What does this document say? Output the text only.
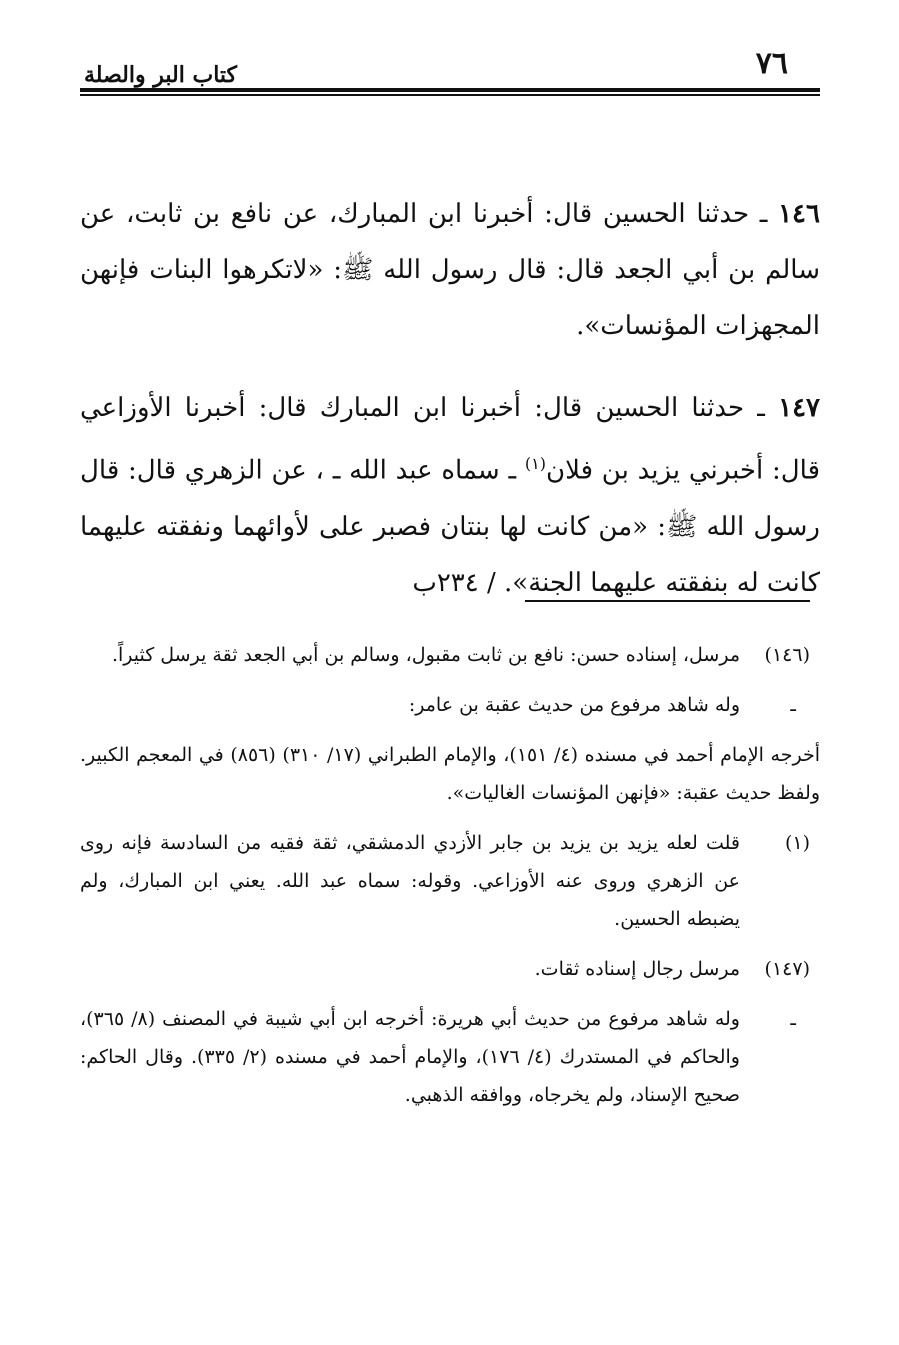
٧٦
كتاب البر والصلة

١٤٦ ـ حدثنا الحسين قال: أخبرنا ابن المبارك، عن نافع بن ثابت، عن سالم بن أبي الجعد قال: قال رسول الله ﷺ: «لاتكرهوا البنات فإنهن المجهزات المؤنسات».

١٤٧ ـ حدثنا الحسين قال: أخبرنا ابن المبارك قال: أخبرنا الأوزاعي قال: أخبرني يزيد بن فلان$^{(١)}$ ـ سماه عبد الله ـ ، عن الزهري قال: قال رسول الله ﷺ: «من كانت لها بنتان فصبر على لأوائهما ونفقته عليهما كانت له بنفقته عليهما الجنة». / ٢٣٤ب

(١٤٦)
مرسل، إسناده حسن: نافع بن ثابت مقبول، وسالم بن أبي الجعد ثقة يرسل كثيراً.
ـ
وله شاهد مرفوع من حديث عقبة بن عامر:
أخرجه الإمام أحمد في مسنده (٤/ ١٥١)، والإمام الطبراني (١٧/ ٣١٠) (٨٥٦) في المعجم الكبير. ولفظ حديث عقبة: «فإنهن المؤنسات الغاليات».
(١)
قلت لعله يزيد بن يزيد بن جابر الأزدي الدمشقي، ثقة فقيه من السادسة فإنه روى عن الزهري وروى عنه الأوزاعي. وقوله: سماه عبد الله. يعني ابن المبارك، ولم يضبطه الحسين.
(١٤٧)
مرسل رجال إسناده ثقات.
ـ
وله شاهد مرفوع من حديث أبي هريرة: أخرجه ابن أبي شيبة في المصنف (٨/ ٣٦٥)، والحاكم في المستدرك (٤/ ١٧٦)، والإمام أحمد في مسنده (٢/ ٣٣٥). وقال الحاكم: صحيح الإسناد، ولم يخرجاه، ووافقه الذهبي.
